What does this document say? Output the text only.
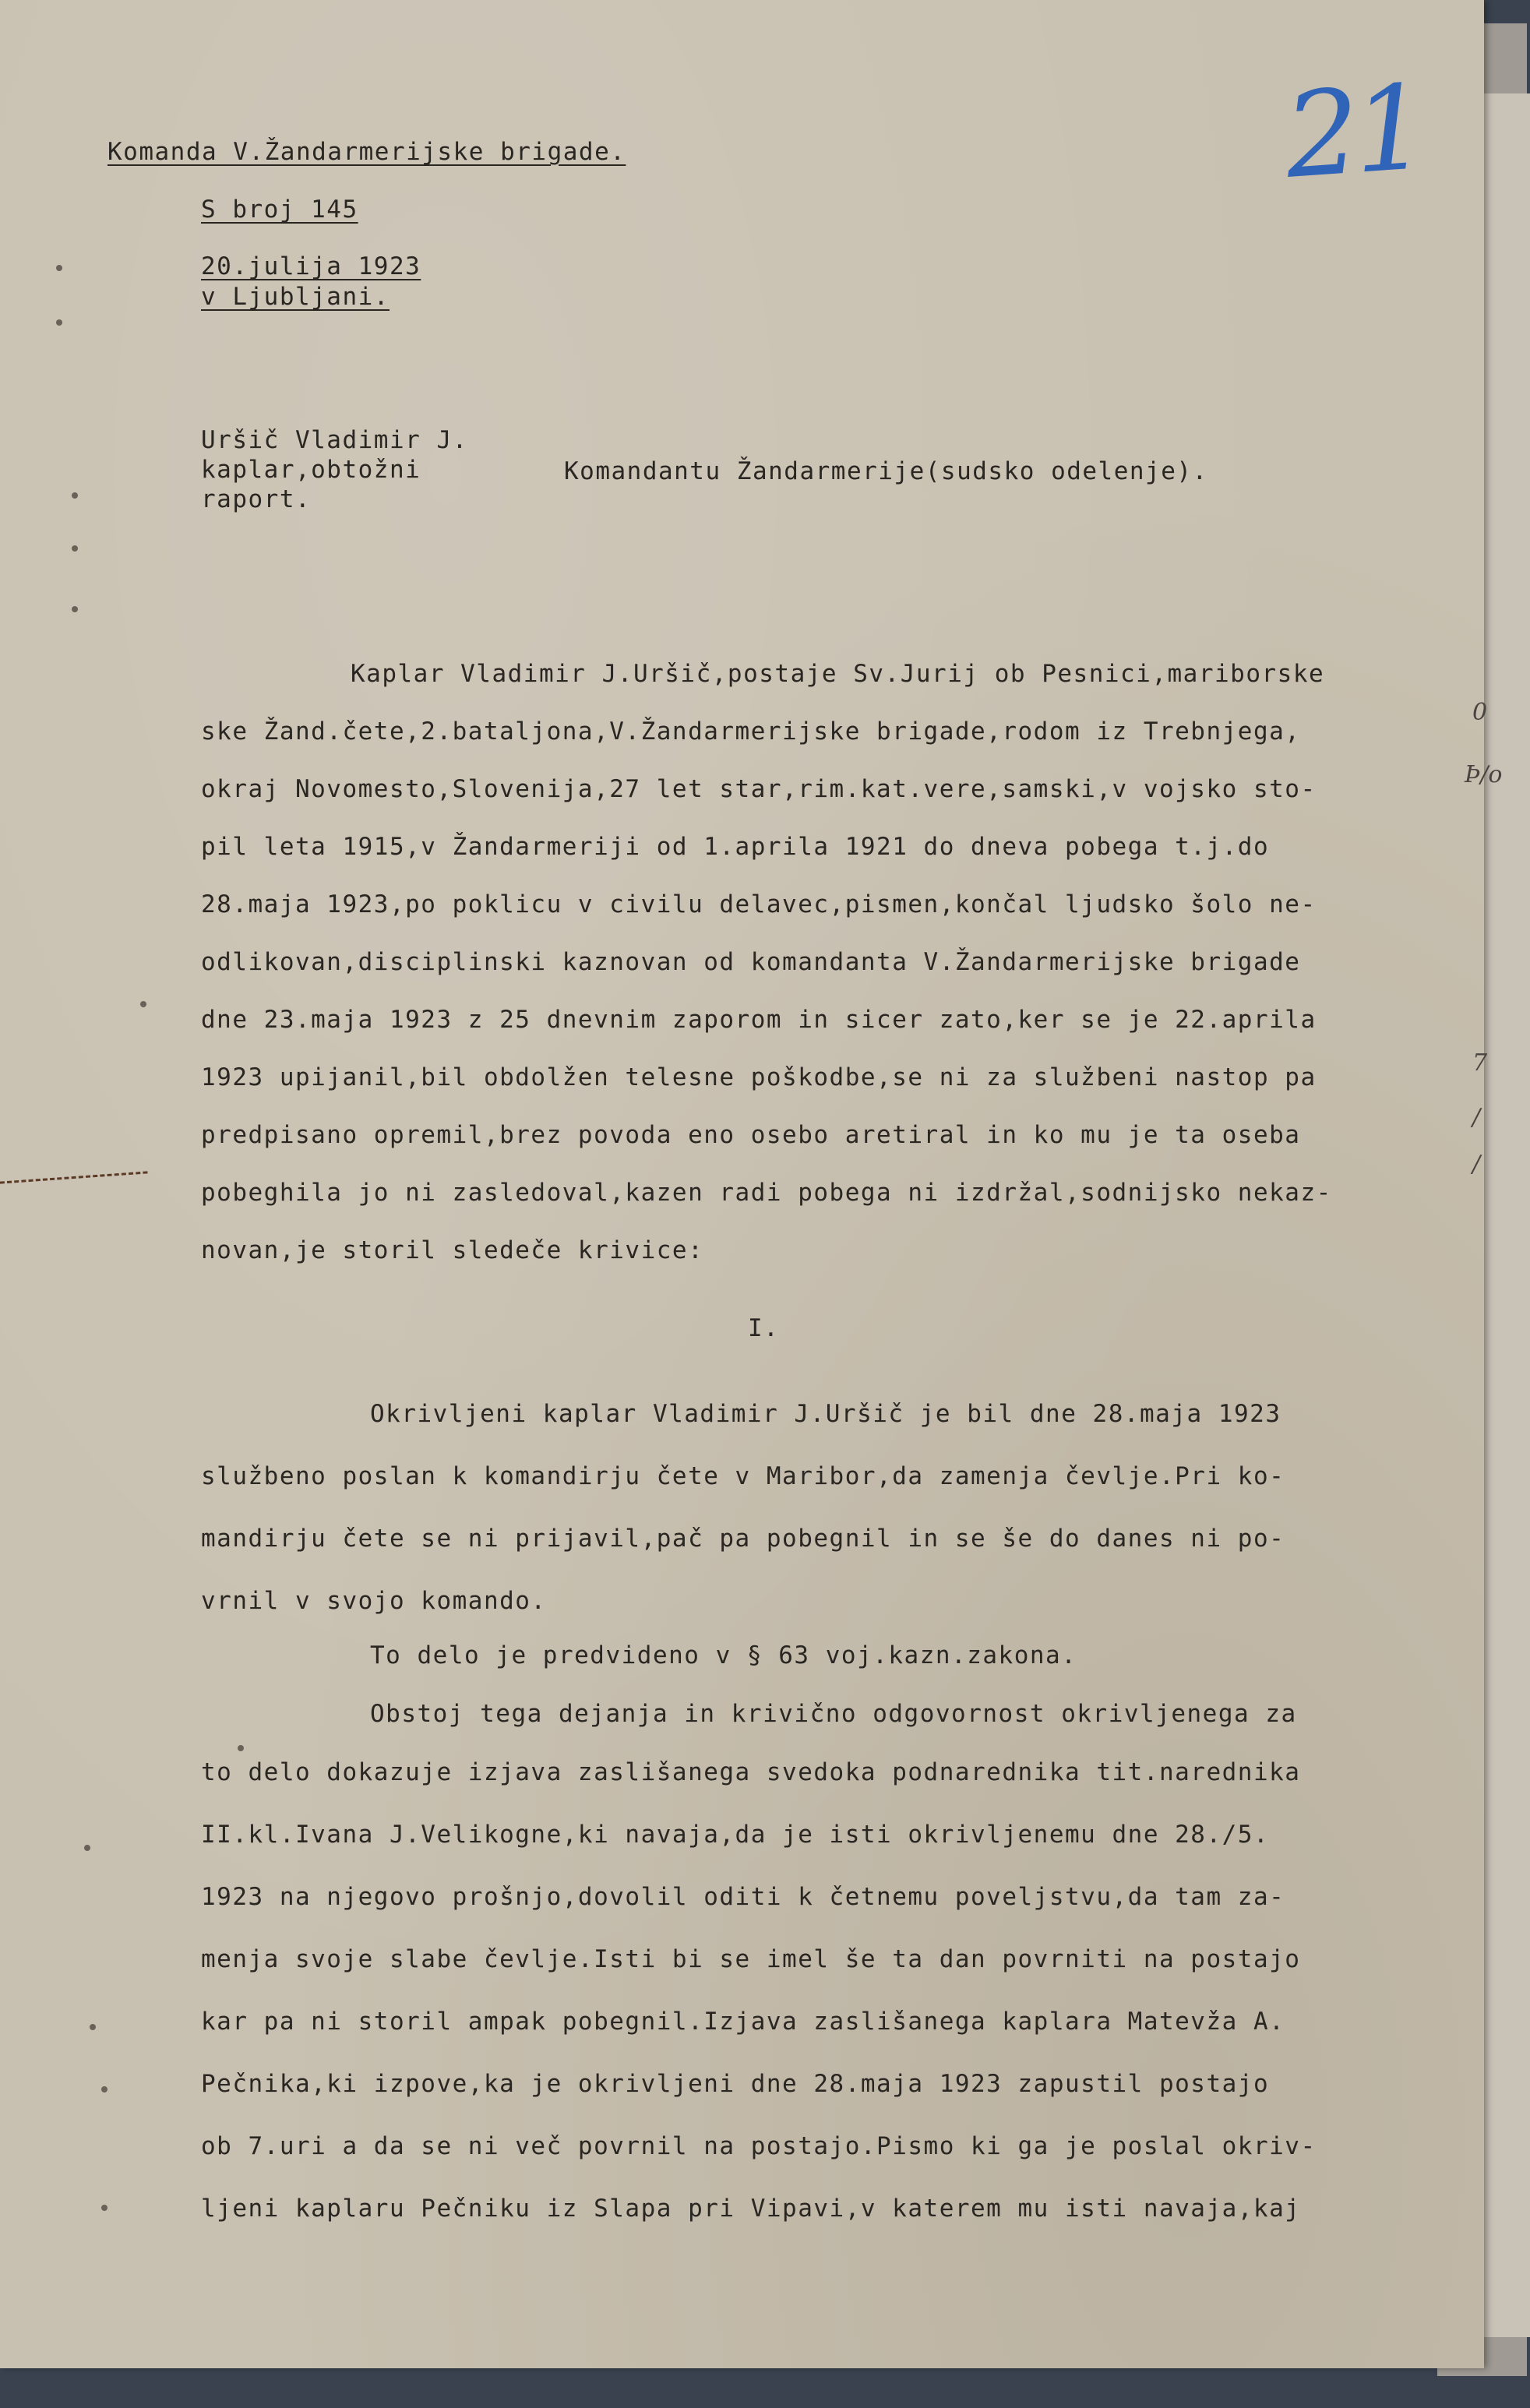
21
Komanda V.Žandarmerijske brigade.
S broj 145
20.julija 1923
v Ljubljani.
Uršič Vladimir J.
kaplar,obtožni
raport.
Komandantu Žandarmerije(sudsko odelenje).
Kaplar Vladimir J.Uršič,postaje Sv.Jurij ob Pesnici,mariborske
ske Žand.čete,2.bataljona,V.Žandarmerijske brigade,rodom iz Trebnjega,
okraj Novomesto,Slovenija,27 let star,rim.kat.vere,samski,v vojsko sto-
pil leta 1915,v Žandarmeriji od 1.aprila 1921 do dneva pobega t.j.do
28.maja 1923,po poklicu v civilu delavec,pismen,končal ljudsko šolo ne-
odlikovan,disciplinski kaznovan od komandanta V.Žandarmerijske brigade
dne 23.maja 1923 z 25 dnevnim zaporom in sicer zato,ker se je 22.aprila
1923 upijanil,bil obdolžen telesne poškodbe,se ni za službeni nastop pa
predpisano opremil,brez povoda eno osebo aretiral in ko mu je ta oseba
pobeghila jo ni zasledoval,kazen radi pobega ni izdržal,sodnijsko nekaz-
novan,je storil sledeče krivice:
I.
Okrivljeni kaplar Vladimir J.Uršič je bil dne 28.maja 1923
službeno poslan k komandirju čete v Maribor,da zamenja čevlje.Pri ko-
mandirju čete se ni prijavil,pač pa pobegnil in se še do danes ni po-
vrnil v svojo komando.
To delo je predvideno v § 63 voj.kazn.zakona.
Obstoj tega dejanja in krivično odgovornost okrivljenega za
to delo dokazuje izjava zaslišanega svedoka podnarednika tit.narednika
II.kl.Ivana J.Velikogne,ki navaja,da je isti okrivljenemu dne 28./5.
1923 na njegovo prošnjo,dovolil oditi k četnemu poveljstvu,da tam za-
menja svoje slabe čevlje.Isti bi se imel še ta dan povrniti na postajo
kar pa ni storil ampak pobegnil.Izjava zaslišanega kaplara Matevža A.
Pečnika,ki izpove,ka je okrivljeni dne 28.maja 1923 zapustil postajo
ob 7.uri a da se ni več povrnil na postajo.Pismo ki ga je poslal okriv-
ljeni kaplaru Pečniku iz Slapa pri Vipavi,v katerem mu isti navaja,kaj
0
Þ/o
7
/
/
